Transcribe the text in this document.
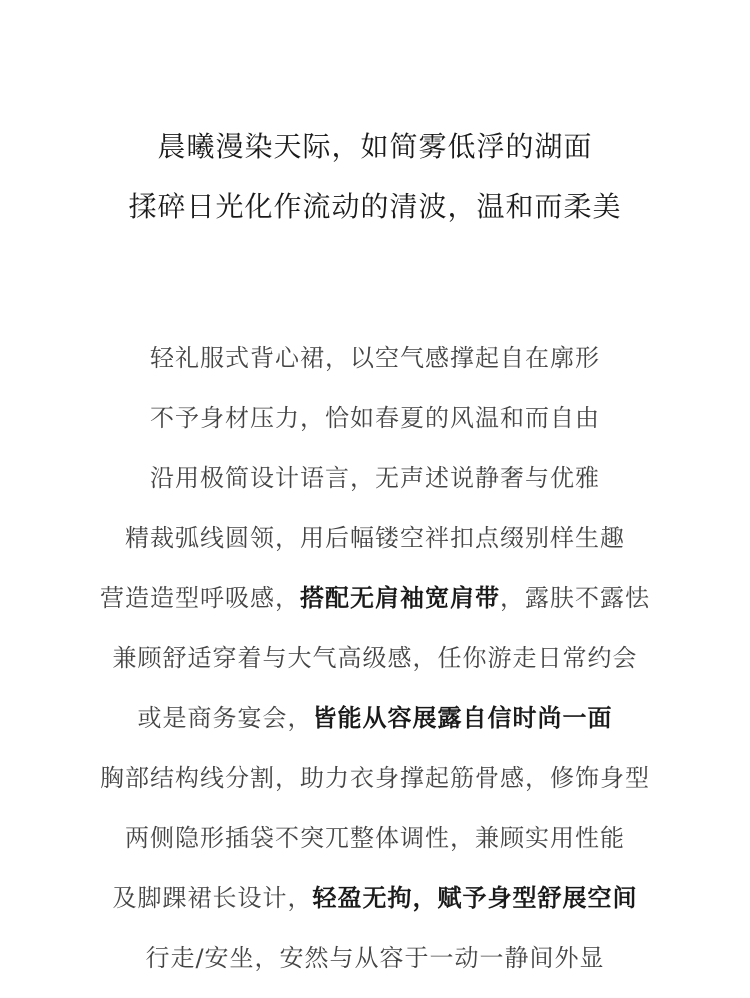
晨曦漫染天际，如简雾低浮的湖面
揉碎日光化作流动的清波，温和而柔美
轻礼服式背心裙，以空气感撑起自在廓形
不予身材压力，恰如春夏的风温和而自由
沿用极简设计语言，无声述说静奢与优雅
精裁弧线圆领，用后幅镂空袢扣点缀别样生趣
营造造型呼吸感，搭配无肩袖宽肩带，露肤不露怯
兼顾舒适穿着与大气高级感，任你游走日常约会
或是商务宴会，皆能从容展露自信时尚一面
胸部结构线分割，助力衣身撑起筋骨感，修饰身型
两侧隐形插袋不突兀整体调性，兼顾实用性能
及脚踝裙长设计，轻盈无拘，赋予身型舒展空间
行走/安坐，安然与从容于一动一静间外显
